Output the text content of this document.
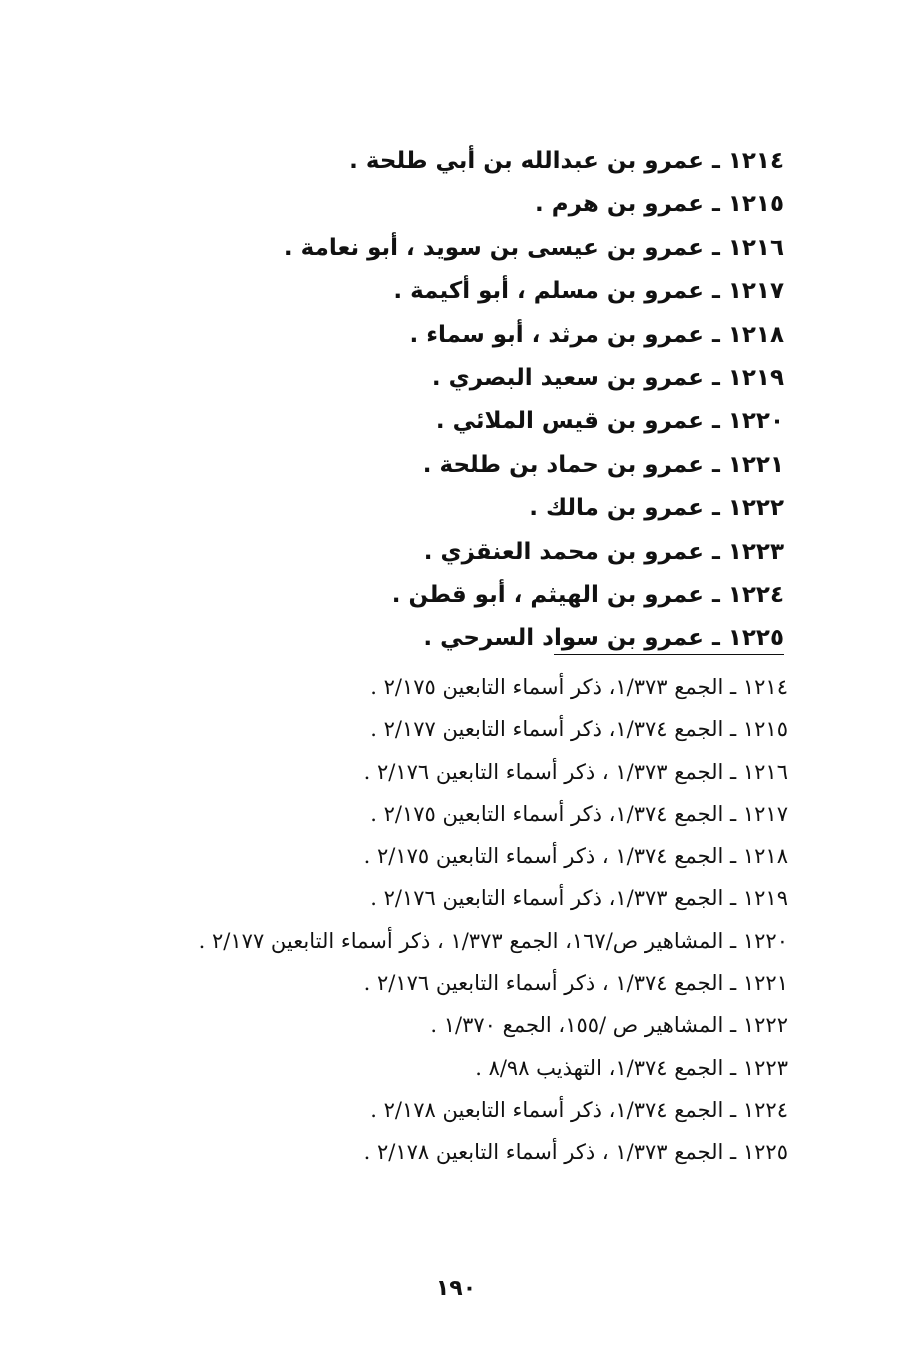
١٢١٤ ـ عمرو بن عبدالله بن أبي طلحة .
١٢١٥ ـ عمرو بن هرم .
١٢١٦ ـ عمرو بن عيسى بن سويد ، أبو نعامة .
١٢١٧ ـ عمرو بن مسلم ، أبو أكيمة .
١٢١٨ ـ عمرو بن مرثد ، أبو سماء .
١٢١٩ ـ عمرو بن سعيد البصري .
١٢٢٠ ـ عمرو بن قيس الملائي .
١٢٢١ ـ عمرو بن حماد بن طلحة .
١٢٢٢ ـ عمرو بن مالك .
١٢٢٣ ـ عمرو بن محمد العنقزي .
١٢٢٤ ـ عمرو بن الهيثم ، أبو قطن .
١٢٢٥ ـ عمرو بن سواد السرحي .
١٢١٤ ـ الجمع ١/٣٧٣، ذكر أسماء التابعين ٢/١٧٥ .
١٢١٥ ـ الجمع ١/٣٧٤، ذكر أسماء التابعين ٢/١٧٧ .
١٢١٦ ـ الجمع ١/٣٧٣ ، ذكر أسماء التابعين ٢/١٧٦ .
١٢١٧ ـ الجمع ١/٣٧٤، ذكر أسماء التابعين ٢/١٧٥ .
١٢١٨ ـ الجمع ١/٣٧٤ ، ذكر أسماء التابعين ٢/١٧٥ .
١٢١٩ ـ الجمع ١/٣٧٣، ذكر أسماء التابعين ٢/١٧٦ .
١٢٢٠ ـ المشاهير ص/١٦٧، الجمع ١/٣٧٣ ، ذكر أسماء التابعين ٢/١٧٧ .
١٢٢١ ـ الجمع ١/٣٧٤ ، ذكر أسماء التابعين ٢/١٧٦ .
١٢٢٢ ـ المشاهير ص /١٥٥، الجمع ١/٣٧٠ .
١٢٢٣ ـ الجمع ١/٣٧٤، التهذيب ٨/٩٨ .
١٢٢٤ ـ الجمع ١/٣٧٤، ذكر أسماء التابعين ٢/١٧٨ .
١٢٢٥ ـ الجمع ١/٣٧٣ ، ذكر أسماء التابعين ٢/١٧٨ .
١٩٠
